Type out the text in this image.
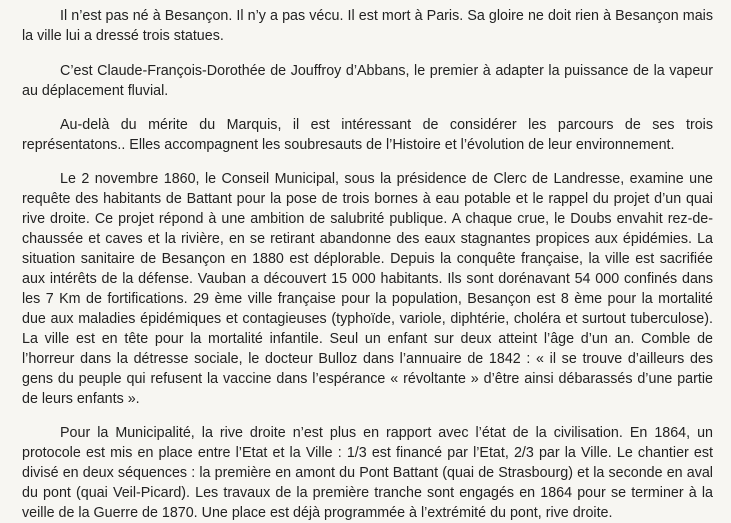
Il n’est pas né à Besançon. Il n’y a pas vécu. Il est mort à Paris. Sa gloire ne doit rien à Besançon mais la ville lui a dressé trois statues.

C’est Claude-François-Dorothée de Jouffroy d’Abbans, le premier à adapter la puissance de la vapeur au déplacement fluvial.

Au-delà du mérite du Marquis, il est intéressant de considérer les parcours de ses trois représentatons.. Elles accompagnent les soubresauts de l’Histoire et l’évolution de leur environnement.

Le 2 novembre 1860, le Conseil Municipal, sous la présidence de Clerc de Landresse, examine une requête des habitants de Battant pour la pose de trois bornes à eau potable et le rappel du projet d’un quai rive droite. Ce projet répond à une ambition de salubrité publique. A chaque crue, le Doubs envahit rez-de-chaussée et caves et la rivière, en se retirant abandonne des eaux stagnantes propices aux épidémies. La situation sanitaire de Besançon en 1880 est déplorable. Depuis la conquête française, la ville est sacrifiée aux intérêts de la défense. Vauban a découvert 15 000 habitants. Ils sont dorénavant 54 000 confinés dans les 7 Km de fortifications. 29 ème ville française pour la population, Besançon est 8 ème pour la mortalité due aux maladies épidémiques et contagieuses (typhoïde, variole, diphtérie, choléra et surtout tuberculose). La ville est en tête pour la mortalité infantile. Seul un enfant sur deux atteint l’âge d’un an. Comble de l’horreur dans la détresse sociale, le docteur Bulloz dans l’annuaire de 1842 : « il se trouve d’ailleurs des gens du peuple qui refusent la vaccine dans l’espérance « révoltante » d’être ainsi débarassés d’une partie de leurs enfants ».

Pour la Municipalité, la rive droite n’est plus en rapport avec l’état de la civilisation. En 1864, un protocole est mis en place entre l’Etat et la Ville : 1/3 est financé par l’Etat, 2/3 par la Ville. Le chantier est divisé en deux séquences : la première en amont du Pont Battant (quai de Strasbourg) et la seconde en aval du pont (quai Veil-Picard). Les travaux de la première tranche sont engagés en 1864 pour se terminer à la veille de la Guerre de 1870. Une place est déjà programmée à l’extrémité du pont, rive droite.
